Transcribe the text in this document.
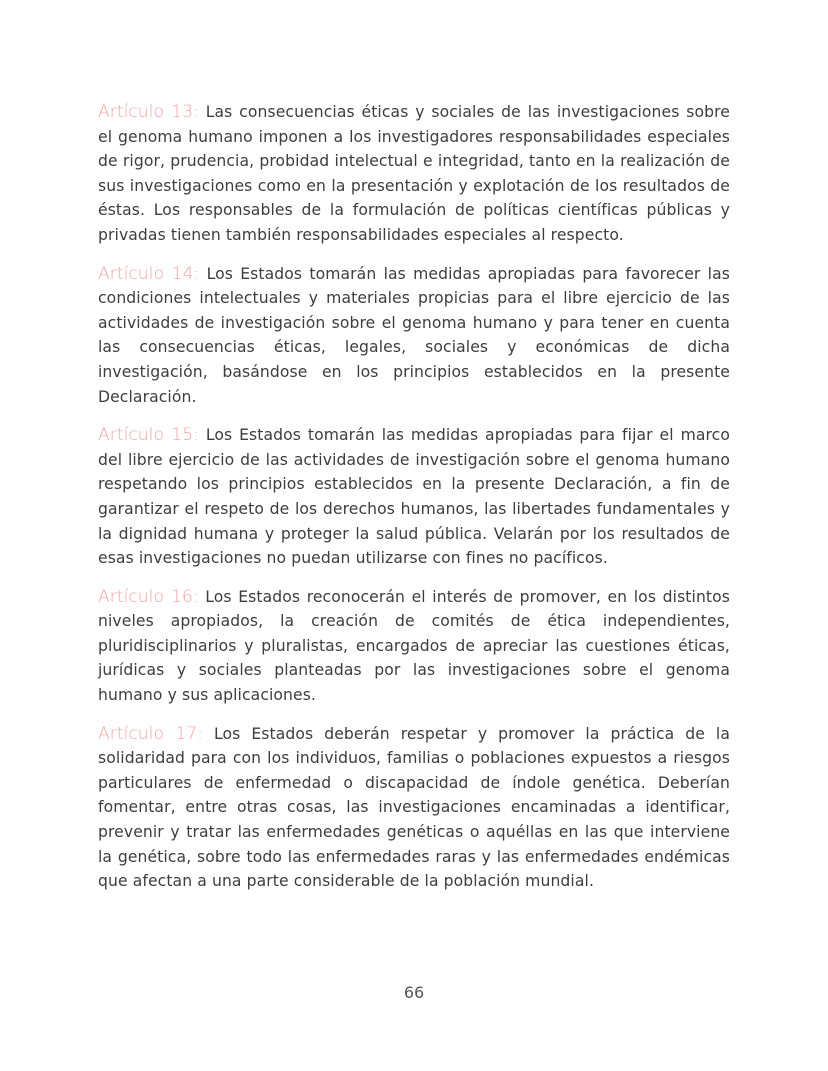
Artículo 13: Las consecuencias éticas y sociales de las investigaciones sobre el genoma humano imponen a los investigadores responsabilidades especiales de rigor, prudencia, probidad intelectual e integridad, tanto en la realización de sus investigaciones como en la presentación y explotación de los resultados de éstas. Los responsables de la formulación de políticas científicas públicas y privadas tienen también responsabilidades especiales al respecto.

Artículo 14: Los Estados tomarán las medidas apropiadas para favorecer las condiciones intelectuales y materiales propicias para el libre ejercicio de las actividades de investigación sobre el genoma humano y para tener en cuenta las consecuencias éticas, legales, sociales y económicas de dicha investigación, basándose en los principios establecidos en la presente Declaración.

Artículo 15: Los Estados tomarán las medidas apropiadas para fijar el marco del libre ejercicio de las actividades de investigación sobre el genoma humano respetando los principios establecidos en la presente Declaración, a fin de garantizar el respeto de los derechos humanos, las libertades fundamentales y la dignidad humana y proteger la salud pública. Velarán por los resultados de esas investigaciones no puedan utilizarse con fines no pacíficos.

Artículo 16: Los Estados reconocerán el interés de promover, en los distintos niveles apropiados, la creación de comités de ética independientes, pluridisciplinarios y pluralistas, encargados de apreciar las cuestiones éticas, jurídicas y sociales planteadas por las investigaciones sobre el genoma humano y sus aplicaciones.

Artículo 17: Los Estados deberán respetar y promover la práctica de la solidaridad para con los individuos, familias o poblaciones expuestos a riesgos particulares de enfermedad o discapacidad de índole genética. Deberían fomentar, entre otras cosas, las investigaciones encaminadas a identificar, prevenir y tratar las enfermedades genéticas o aquéllas en las que interviene la genética, sobre todo las enfermedades raras y las enfermedades endémicas que afectan a una parte considerable de la población mundial.

66
